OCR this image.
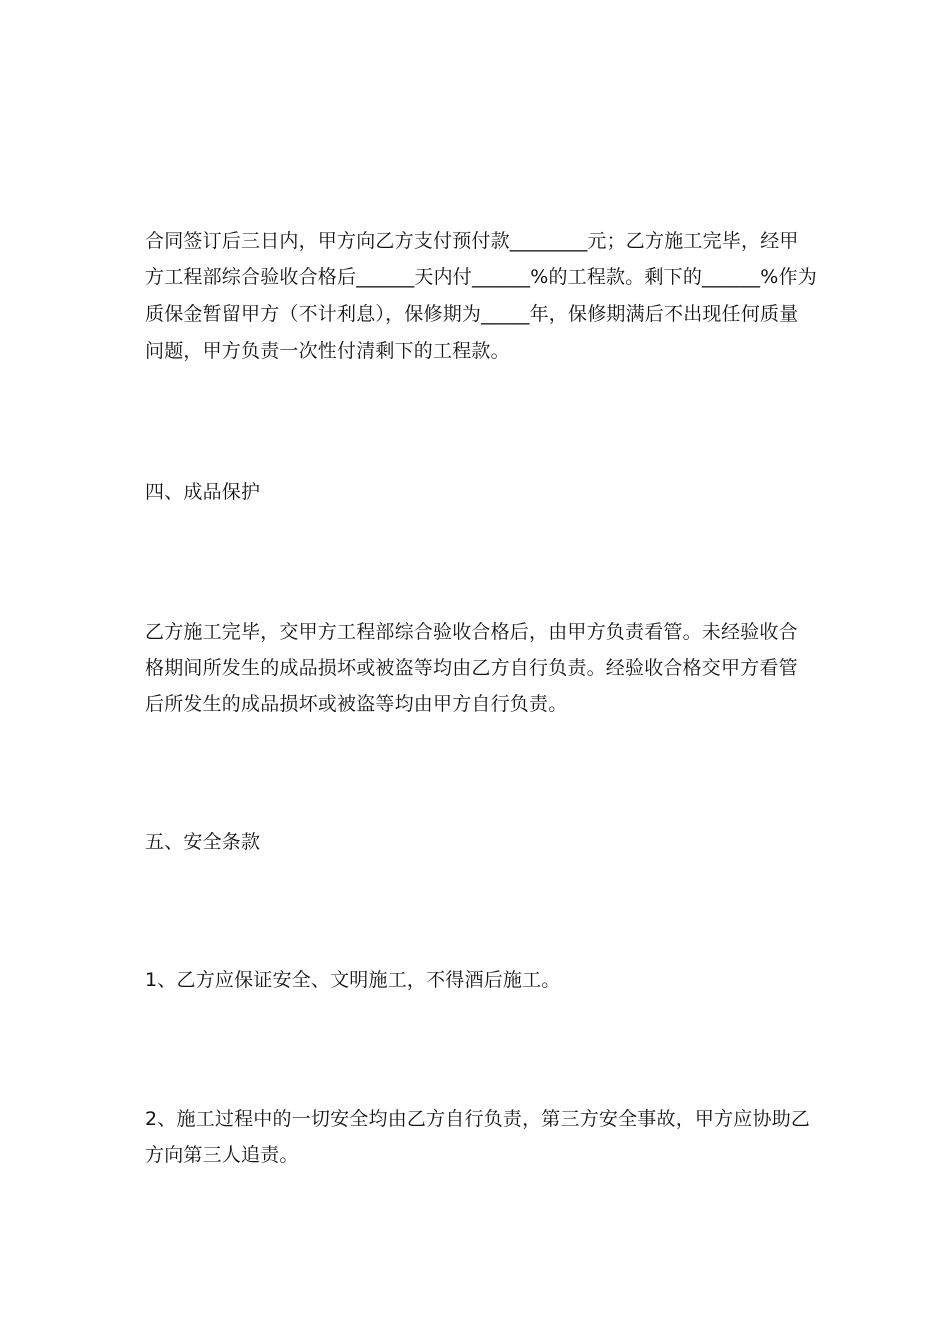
合同签订后三日内，甲方向乙方支付预付款________元；乙方施工完毕，经甲
方工程部综合验收合格后______天内付______%的工程款。剩下的______%作为
质保金暂留甲方（不计利息），保修期为_____年，保修期满后不出现任何质量
问题，甲方负责一次性付清剩下的工程款。
四、成品保护
乙方施工完毕，交甲方工程部综合验收合格后，由甲方负责看管。未经验收合
格期间所发生的成品损坏或被盗等均由乙方自行负责。经验收合格交甲方看管
后所发生的成品损坏或被盗等均由甲方自行负责。
五、安全条款
1、乙方应保证安全、文明施工，不得酒后施工。
2、施工过程中的一切安全均由乙方自行负责，第三方安全事故，甲方应协助乙
方向第三人追责。
